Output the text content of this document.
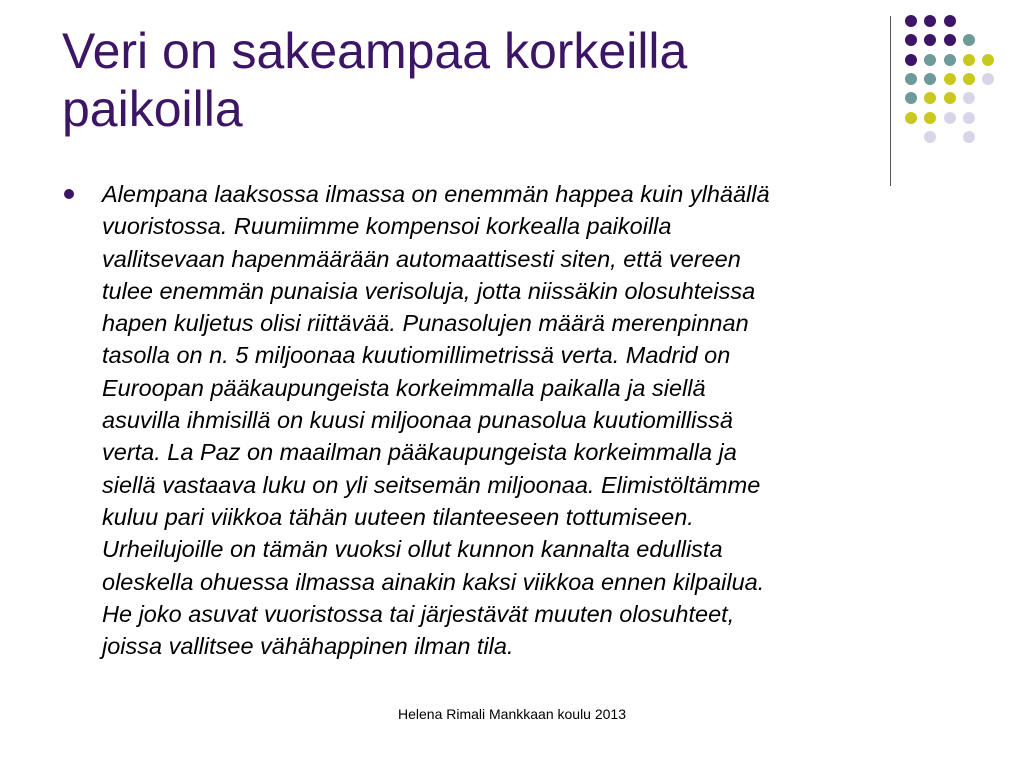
Veri on sakeampaa korkeilla
paikoilla
Alempana laaksossa ilmassa on enemmän happea kuin ylhäällä
vuoristossa. Ruumiimme kompensoi korkealla paikoilla
vallitsevaan hapenmäärään automaattisesti siten, että vereen
tulee enemmän punaisia verisoluja, jotta niissäkin olosuhteissa
hapen kuljetus olisi riittävää. Punasolujen määrä merenpinnan
tasolla on n. 5 miljoonaa kuutiomillimetrissä verta. Madrid on
Euroopan pääkaupungeista korkeimmalla paikalla ja siellä
asuvilla ihmisillä on kuusi miljoonaa punasolua kuutiomillissä
verta. La Paz on maailman pääkaupungeista korkeimmalla ja
siellä vastaava luku on yli seitsemän miljoonaa. Elimistöltämme
kuluu pari viikkoa tähän uuteen tilanteeseen tottumiseen.
Urheilujoille on tämän vuoksi ollut kunnon kannalta edullista
oleskella ohuessa ilmassa ainakin kaksi viikkoa ennen kilpailua.
He joko asuvat vuoristossa tai järjestävät muuten olosuhteet,
joissa vallitsee vähähappinen ilman tila.
Helena Rimali Mankkaan koulu 2013
